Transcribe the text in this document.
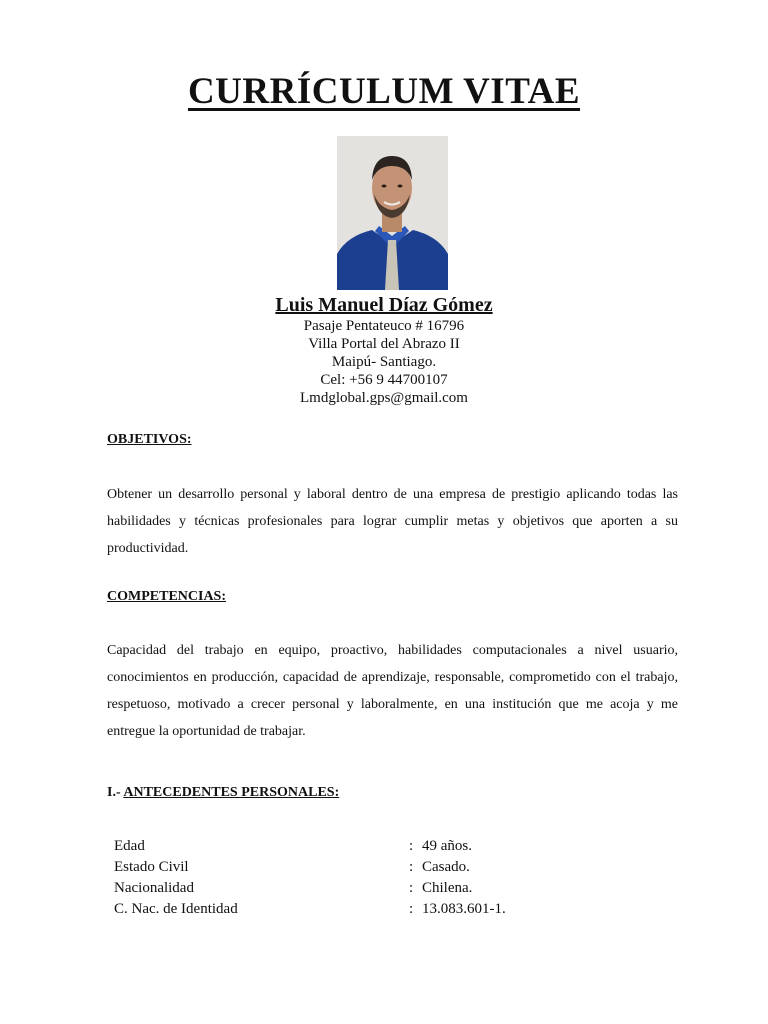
CURRÍCULUM VITAE
Luis Manuel Díaz Gómez
Pasaje Pentateuco # 16796
Villa Portal del Abrazo II
Maipú- Santiago.
Cel: +56 9 44700107
Lmdglobal.gps@gmail.com
OBJETIVOS:
Obtener un desarrollo personal y laboral dentro de una empresa de prestigio aplicando todas las habilidades y técnicas profesionales para lograr cumplir metas y objetivos que aporten a su productividad.
COMPETENCIAS:
Capacidad del trabajo en equipo, proactivo, habilidades computacionales a nivel usuario, conocimientos en producción, capacidad de aprendizaje, responsable, comprometido con el trabajo, respetuoso, motivado a crecer personal y laboralmente, en una institución que me acoja y me entregue la oportunidad de trabajar.
I.- ANTECEDENTES PERSONALES:
Edad	: 49 años.
Estado Civil	: Casado.
Nacionalidad	: Chilena.
C. Nac. de Identidad	: 13.083.601-1.
